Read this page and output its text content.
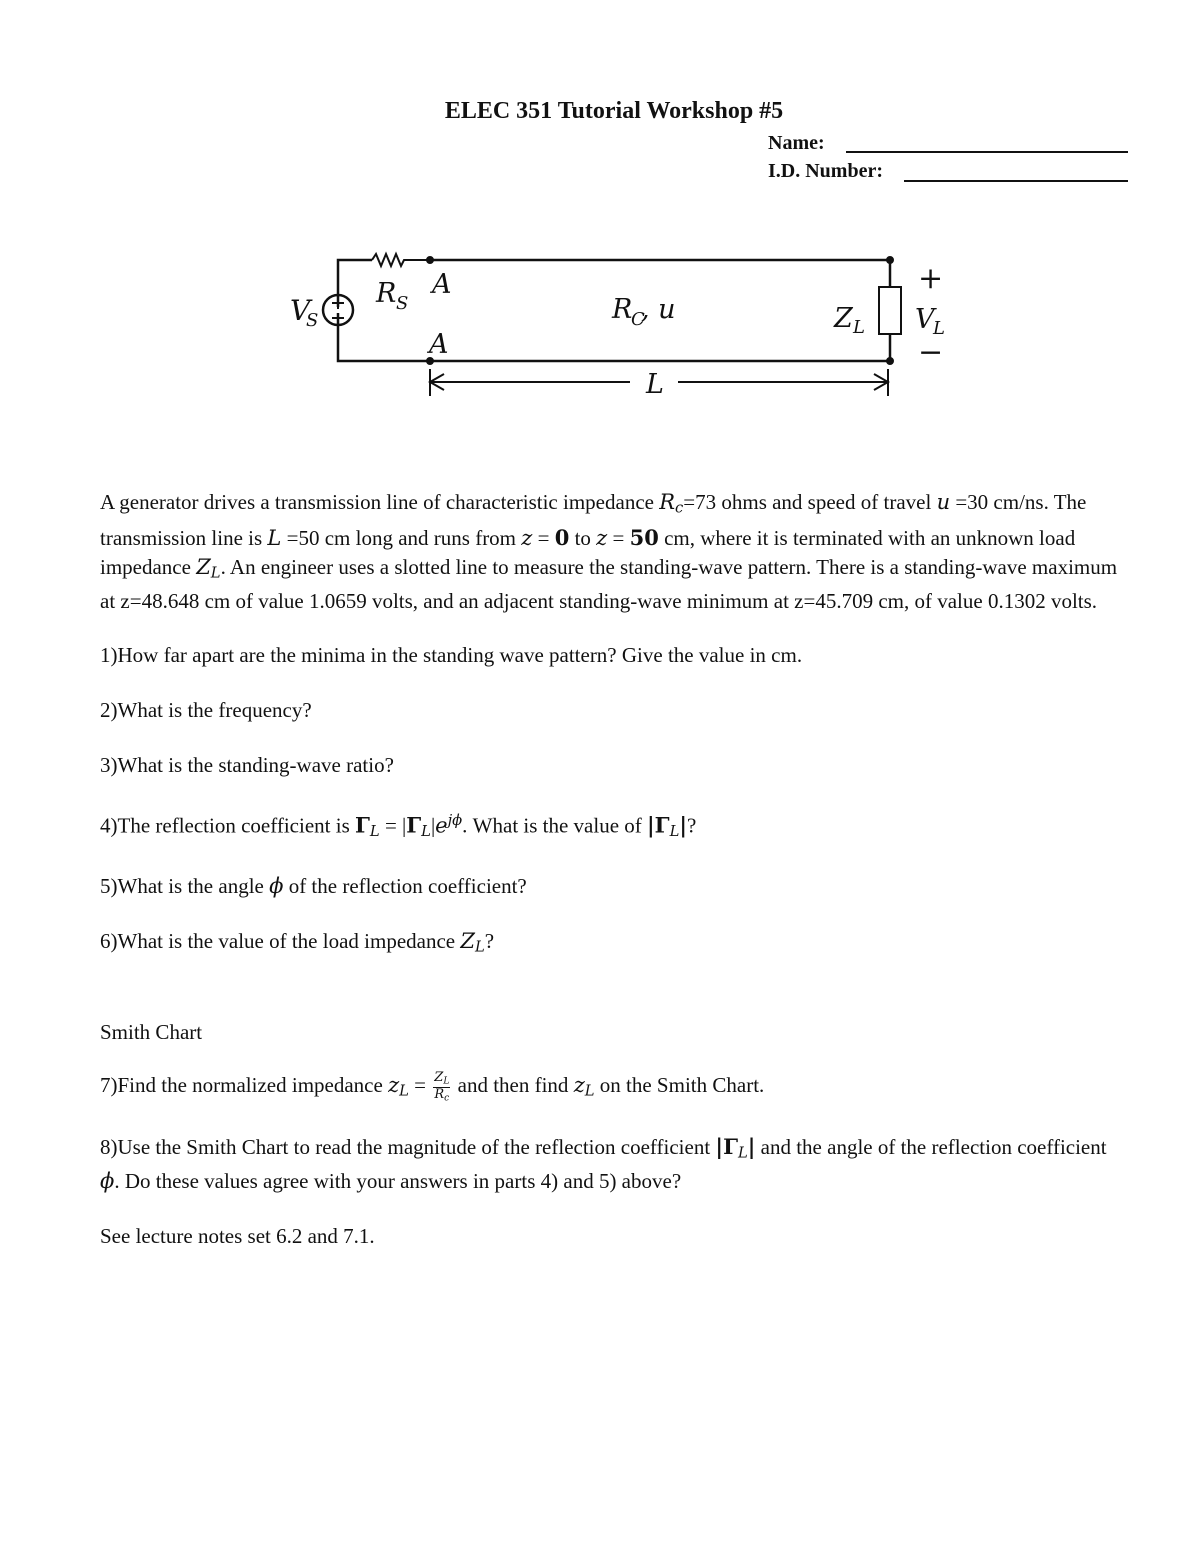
ELEC 351 Tutorial Workshop #5
Name:
I.D. Number:
V
S
R S
A
A
R
C
, u	Z L
+
V
L
−
L

A generator drives a transmission line of characteristic impedance $R_c=73$ ohms and speed of travel u =30 cm/ns. The transmission line is L =50 cm long and runs from z = 0 to z = 50 cm, where it is terminated with an unknown load impedance $Z_L$. An engineer uses a slotted line to measure the standing-wave pattern. There is a standing-wave maximum at z=48.648 cm of value 1.0659 volts, and an adjacent standing-wave minimum at z=45.709 cm, of value 0.1302 volts.

1)How far apart are the minima in the standing wave pattern? Give the value in cm.

2)What is the frequency?

3)What is the standing-wave ratio?

4)The reflection coefficient is $\Gamma_L = |\Gamma_L|e^{j\phi}$. What is the value of $|\Gamma_L|$?

5)What is the angle ϕ of the reflection coefficient?

6)What is the value of the load impedance $Z_L$?

Smith Chart

7)Find the normalized impedance $z_L = \frac{Z_L}{R_c}$ and then find $z_L$ on the Smith Chart.

8)Use the Smith Chart to read the magnitude of the reflection coefficient $|\Gamma_L|$ and the angle of the reflection coefficient ϕ. Do these values agree with your answers in parts 4) and 5) above?

See lecture notes set 6.2 and 7.1.
